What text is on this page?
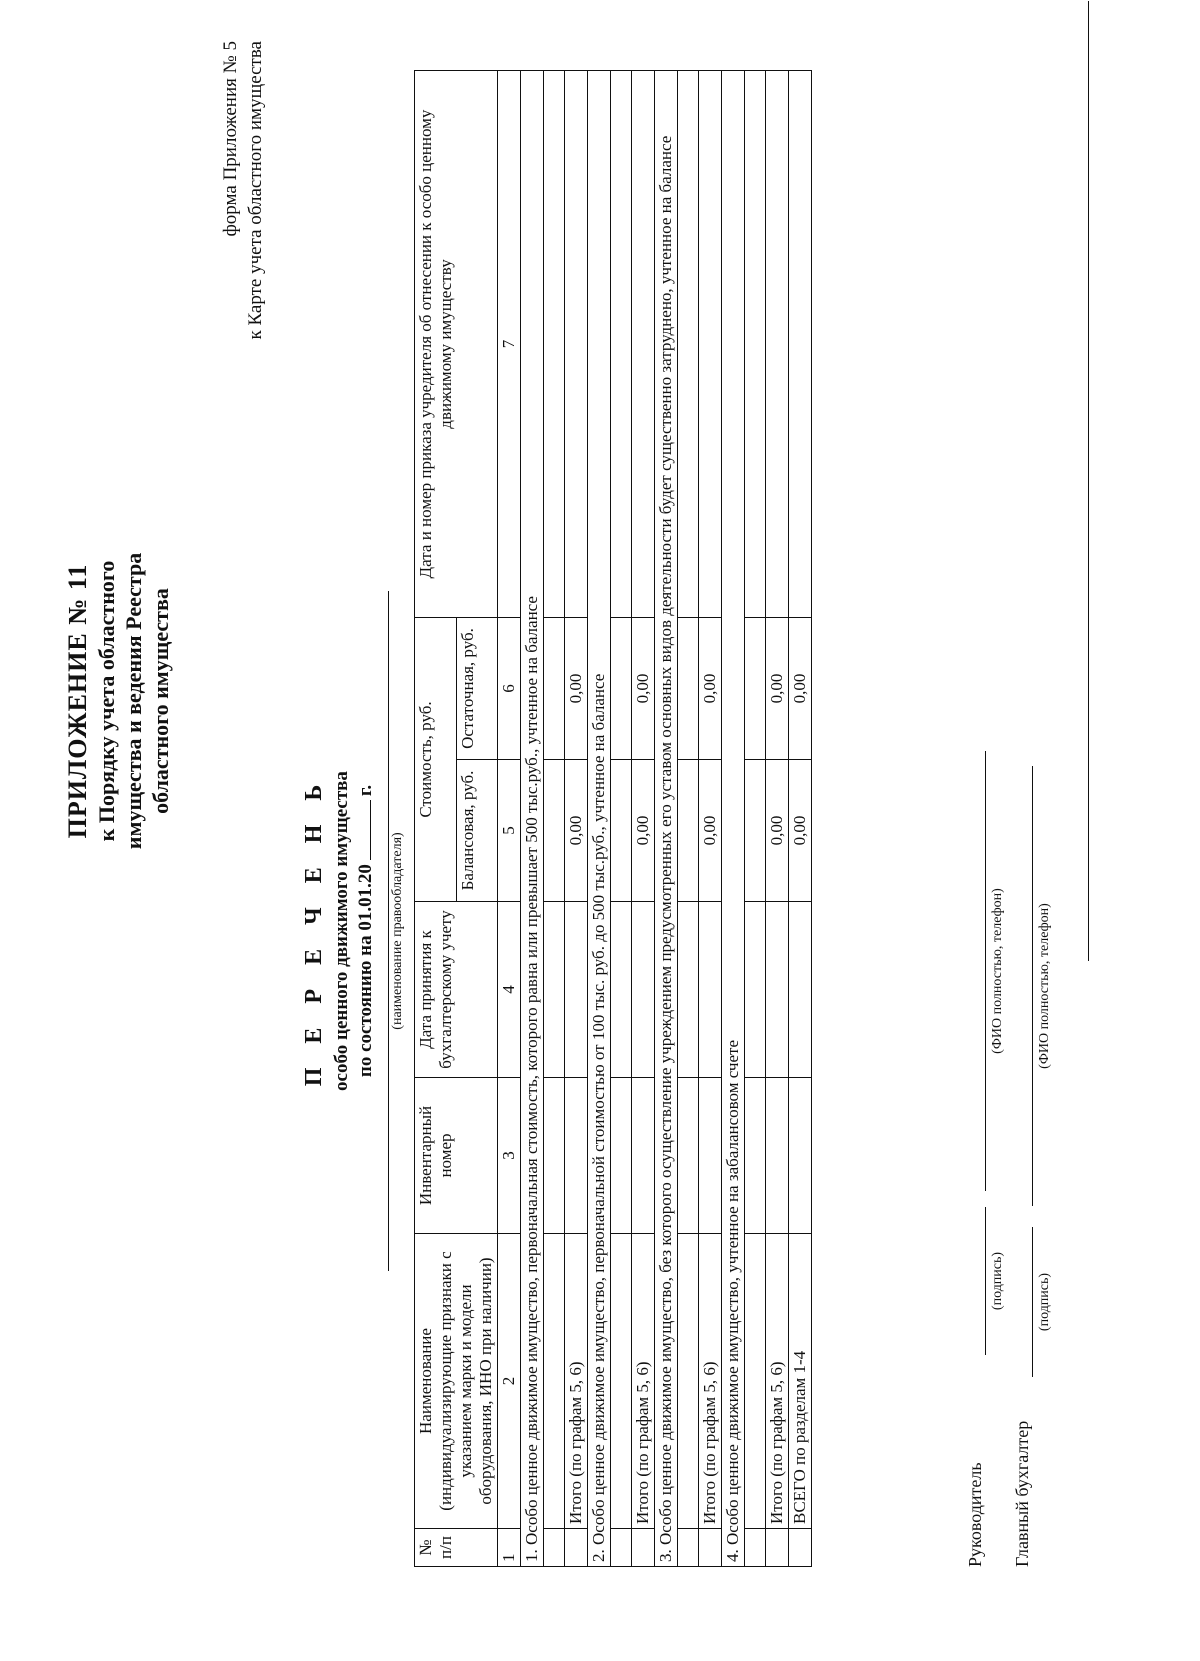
ПРИЛОЖЕНИЕ № 11 к Порядку учета областного имущества и ведения Реестра областного имущества
форма Приложения № 5 к Карте учета областного имущества
П Е Р Е Ч Е Н Ь особо ценного движимого имущества по состоянию на 01.01.20г.
(наименование правообладателя)
№ п/п	Наименование (индивидуализирующие признаки с указанием марки и модели оборудования, ИНО при наличии)	Инвентарный номер	Дата принятия к бухгалтерскому учету	Стоимость, руб.		Дата и номер приказа учредителя об отнесении к особо ценному движимому имуществу
				Балансовая, руб.	Остаточная, руб.	
1	2	3	4	5	6	7
1. Особо ценное движимое имущество, первоначальная стоимость, которого равна или превышает 500 тыс.руб., учтенное на балансе						

	Итого (по графам 5, 6)			0,00	0,00	
2. Особо ценное движимое имущество, первоначальной стоимостью от 100 тыс. руб. до 500 тыс.руб., учтенное на балансе						

	Итого (по графам 5, 6)			0,00	0,00	
3. Особо ценное движимое имущество, без которого осуществление учреждением предусмотренных его уставом основных видов деятельности будет существенно затруднено, учтенное на балансе						

	Итого (по графам 5, 6)			0,00	0,00	
4. Особо ценное движимое имущество, учтенное на забалансовом счете						

	Итого (по графам 5, 6)			0,00	0,00	
	ВСЕГО по разделам 1-4			0,00	0,00	
Руководитель
(подпись)
(ФИО полностью, телефон)
Главный бухгалтер
(подпись)
(ФИО полностью, телефон)
